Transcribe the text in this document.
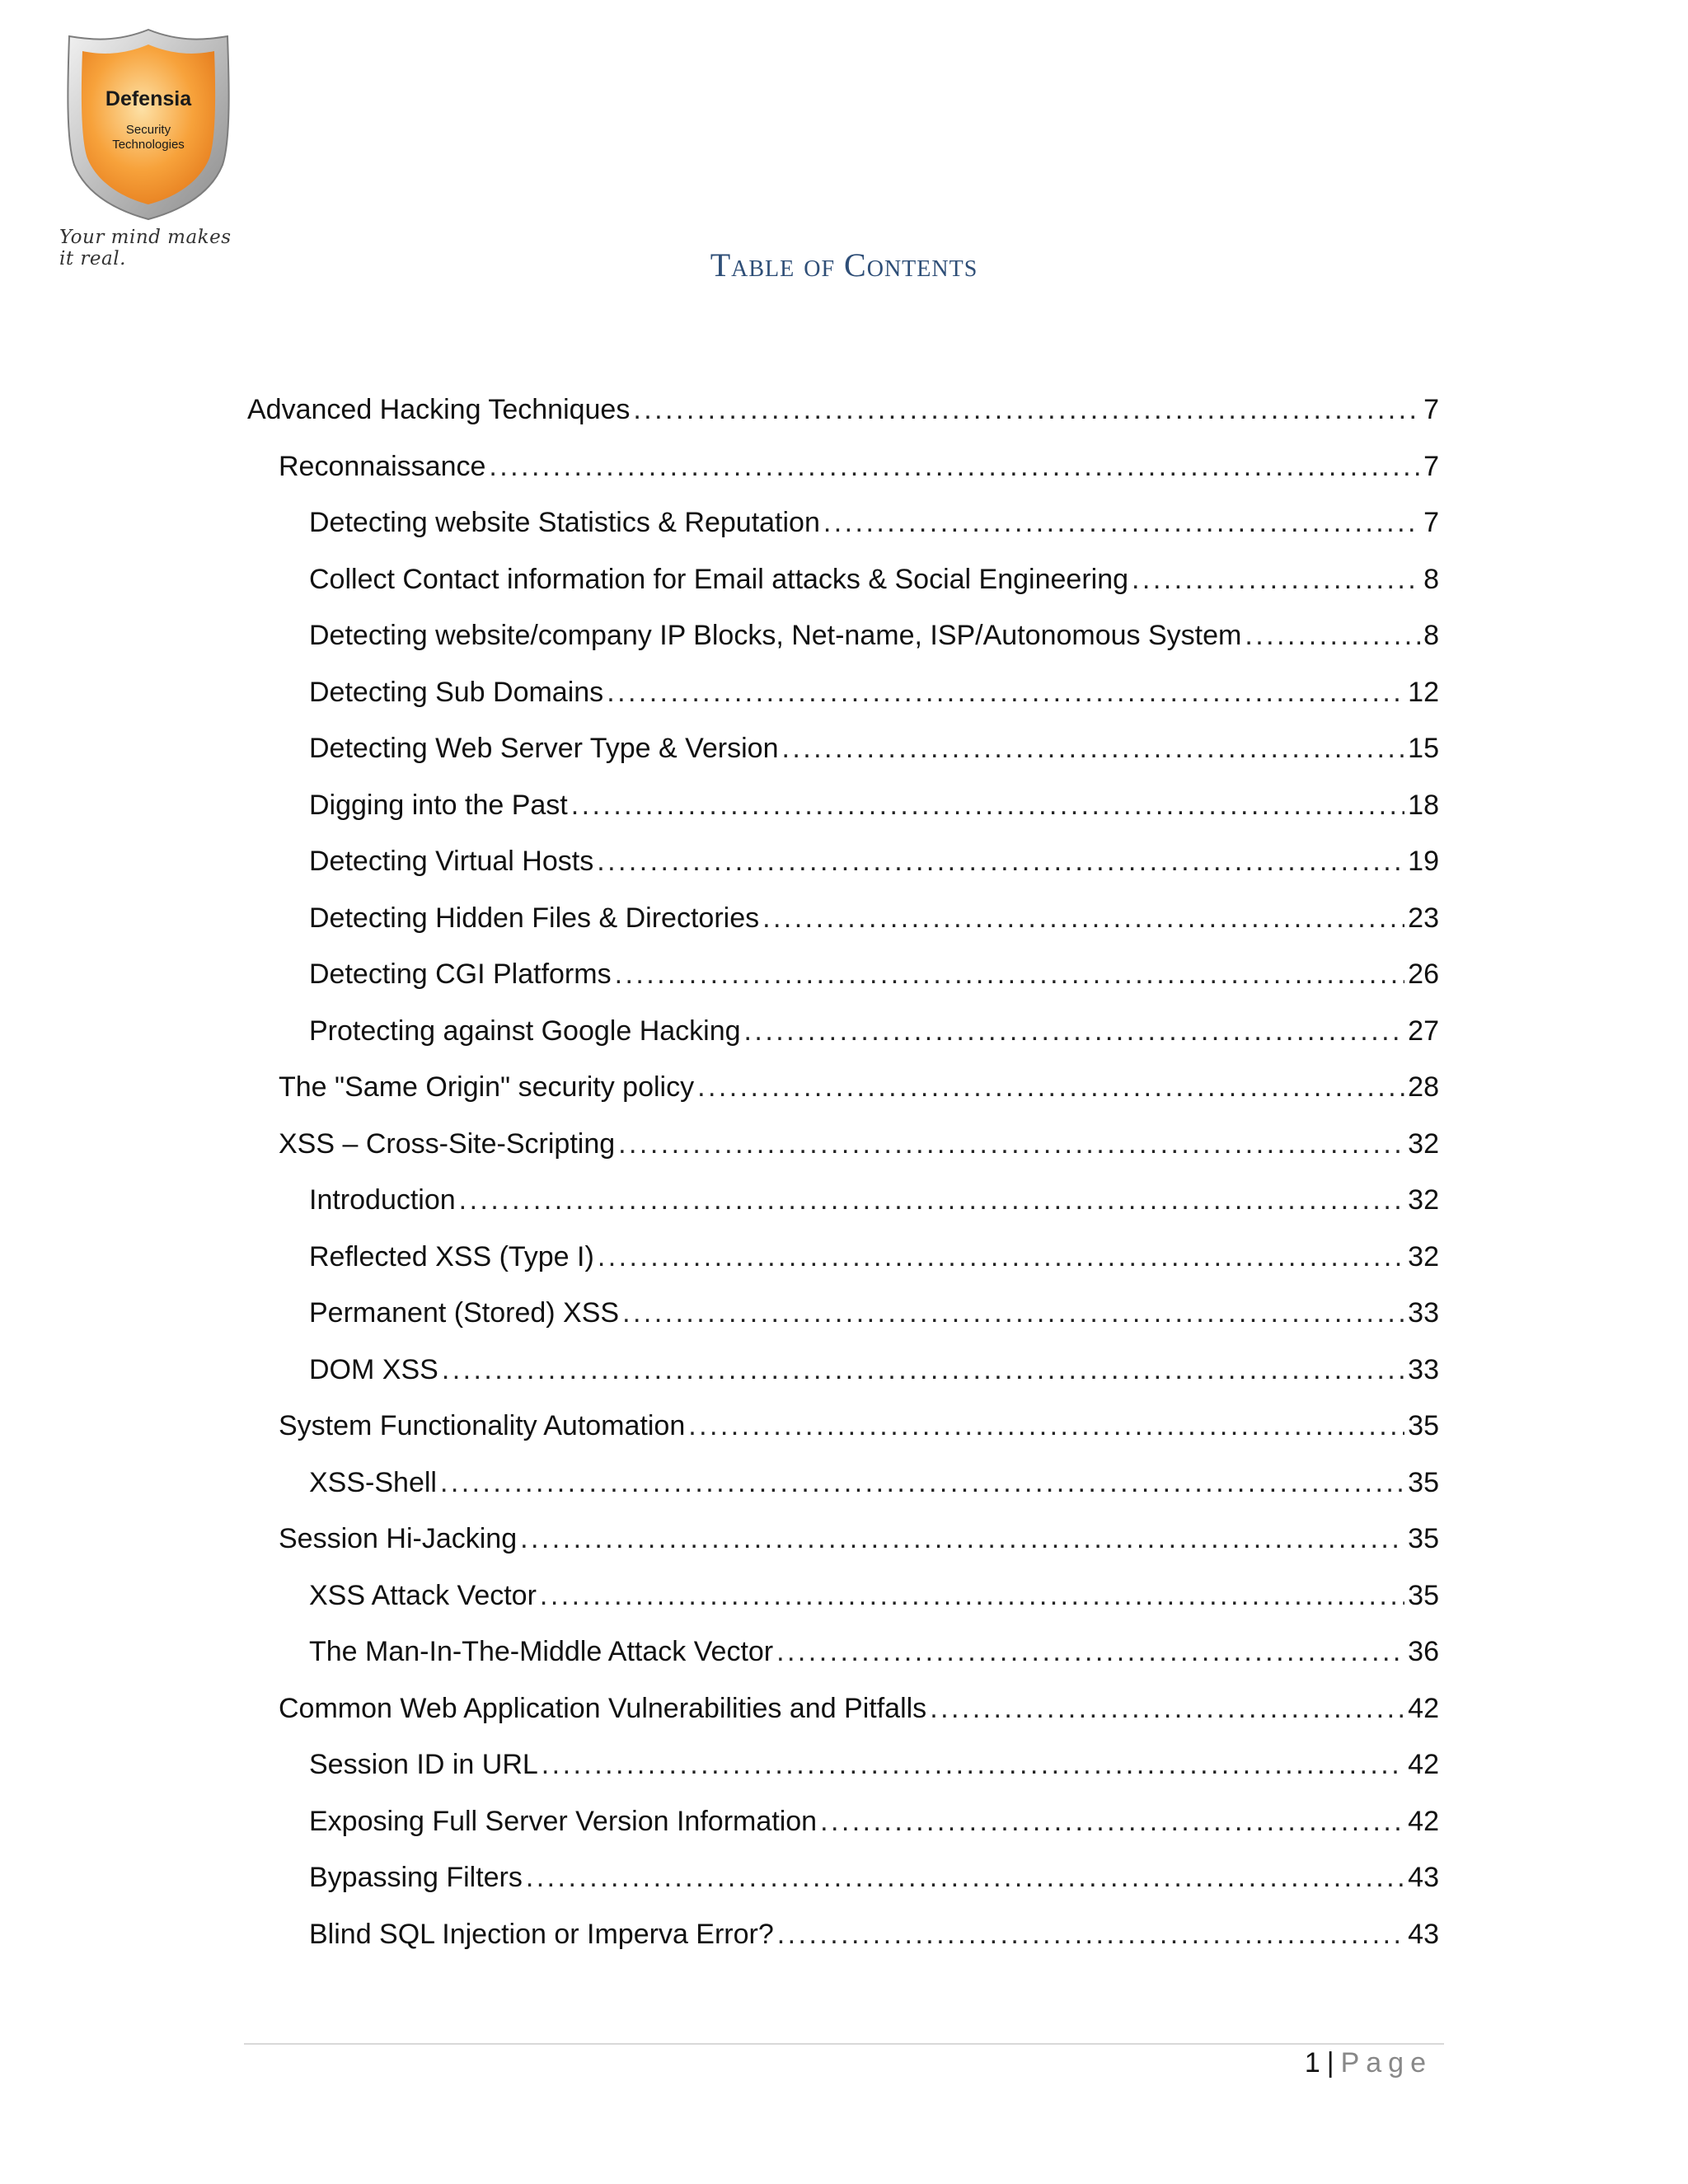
Defensia
Security
Technologies
Your mind makes it real.	Table of Contents
Advanced Hacking Techniques . . .	7
Reconnaissance . . .	7
Detecting website Statistics & Reputation . . .	7
Collect Contact information for Email attacks & Social Engineering . . .	8
Detecting website/company IP Blocks, Net-name, ISP/Autonomous System . . .	8
Detecting Sub Domains . . .	12
Detecting Web Server Type & Version . . .	15
Digging into the Past . . .	18
Detecting Virtual Hosts . . .	19
Detecting Hidden Files & Directories . . .	23
Detecting CGI Platforms . . .	26
Protecting against Google Hacking . . .	27
The "Same Origin" security policy . . .	28
XSS – Cross-Site-Scripting . . .	32
Introduction . . .	32
Reflected XSS (Type I) . . .	32
Permanent (Stored) XSS . . .	33
DOM XSS . . .	33
System Functionality Automation . . .	35
XSS-Shell . . .	35
Session Hi-Jacking . . .	35
XSS Attack Vector . . .	35
The Man-In-The-Middle Attack Vector . . .	36
Common Web Application Vulnerabilities and Pitfalls . . .	42
Session ID in URL . . .	42
Exposing Full Server Version Information . . .	42
Bypassing Filters . . .	43
Blind SQL Injection or Imperva Error? . . .	43
1 | Page
